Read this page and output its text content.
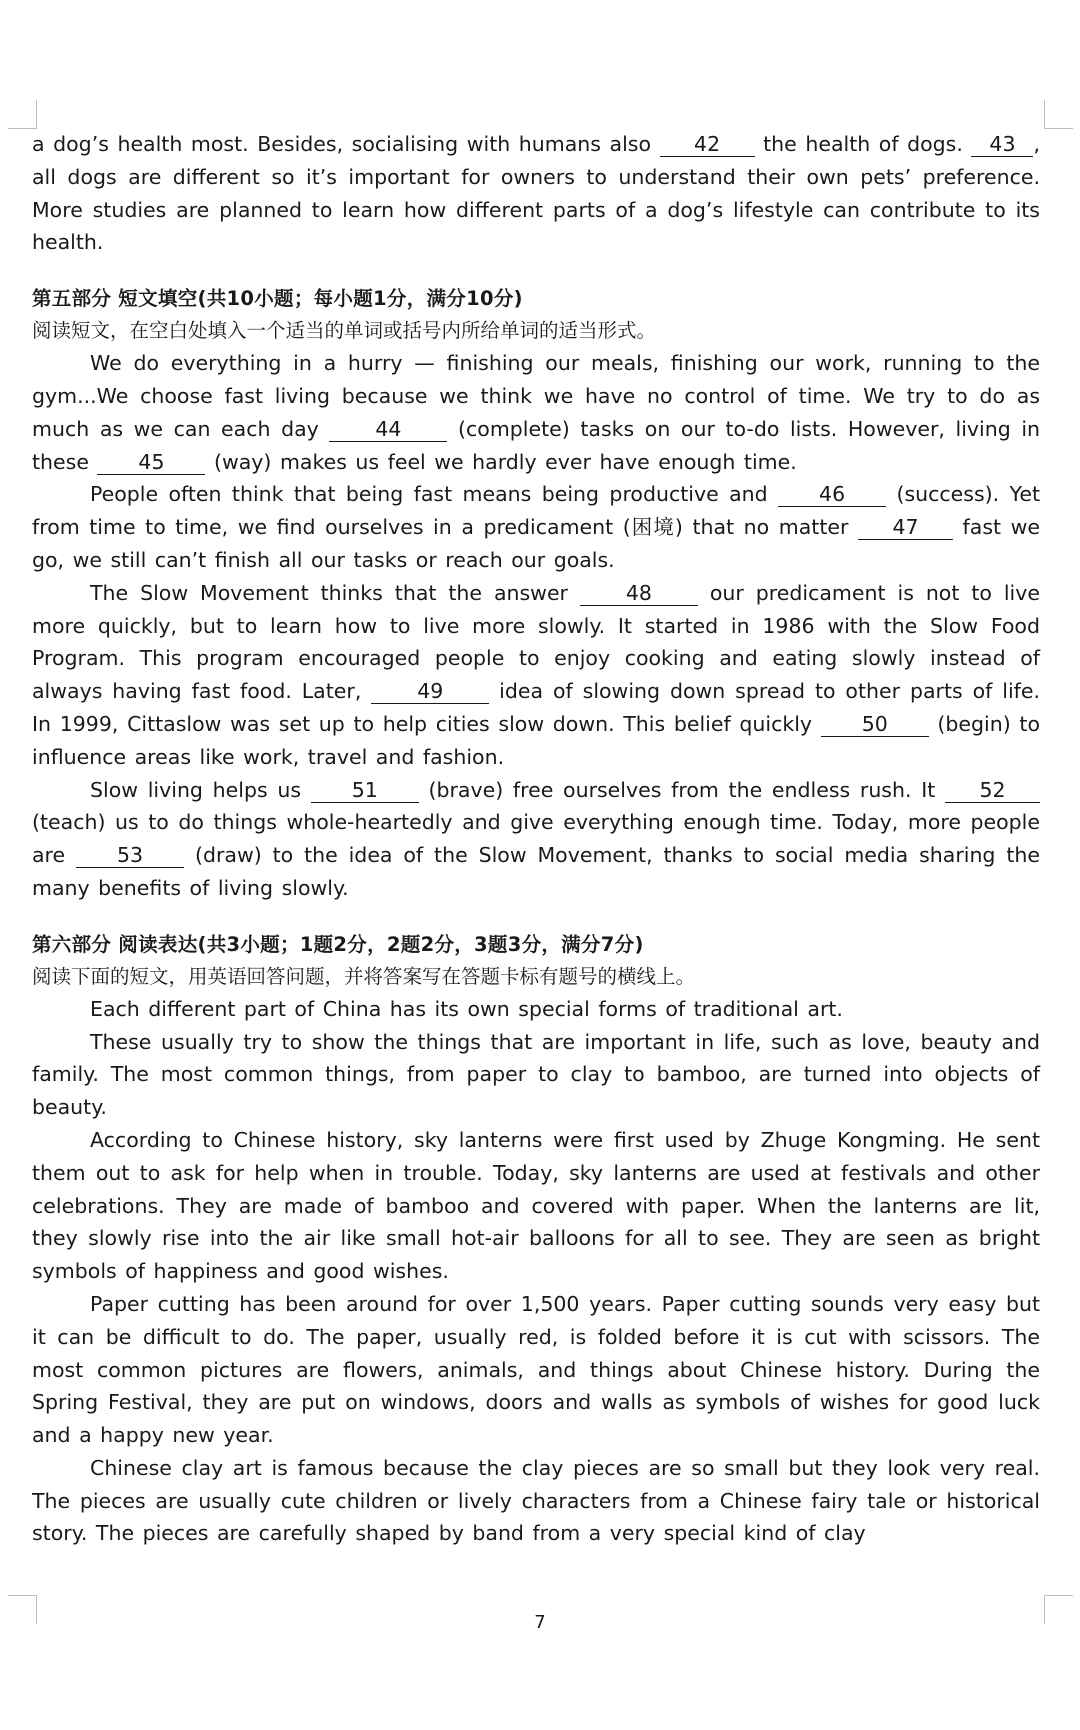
a dog’s health most. Besides, socialising with humans also 42 the health of dogs. 43 , all dogs are different so it’s important for owners to understand their own pets’ preference. More studies are planned to learn how different parts of a dog’s lifestyle can contribute to its health.

第五部分 短文填空(共10小题；每小题1分，满分10分)

阅读短文，在空白处填入一个适当的单词或括号内所给单词的适当形式。

We do everything in a hurry — finishing our meals, finishing our work, running to the gym...We choose fast living because we think we have no control of time. We try to do as much as we can each day 44 (complete) tasks on our to-do lists. However, living in these 45 (way) makes us feel we hardly ever have enough time.

People often think that being fast means being productive and 46 (success). Yet from time to time, we find ourselves in a predicament (困境) that no matter 47 fast we go, we still can’t finish all our tasks or reach our goals.

The Slow Movement thinks that the answer 48 our predicament is not to live more quickly, but to learn how to live more slowly. It started in 1986 with the Slow Food Program. This program encouraged people to enjoy cooking and eating slowly instead of always having fast food. Later, 49 idea of slowing down spread to other parts of life. In 1999, Cittaslow was set up to help cities slow down. This belief quickly 50 (begin) to influence areas like work, travel and fashion.

Slow living helps us 51 (brave) free ourselves from the endless rush. It 52 (teach) us to do things whole-heartedly and give everything enough time. Today, more people are 53 (draw) to the idea of the Slow Movement, thanks to social media sharing the many benefits of living slowly.

第六部分 阅读表达(共3小题；1题2分，2题2分，3题3分，满分7分)

阅读下面的短文，用英语回答问题，并将答案写在答题卡标有题号的横线上。

Each different part of China has its own special forms of traditional art.

These usually try to show the things that are important in life, such as love, beauty and family. The most common things, from paper to clay to bamboo, are turned into objects of beauty.

According to Chinese history, sky lanterns were first used by Zhuge Kongming. He sent them out to ask for help when in trouble. Today, sky lanterns are used at festivals and other celebrations. They are made of bamboo and covered with paper. When the lanterns are lit, they slowly rise into the air like small hot-air balloons for all to see. They are seen as bright symbols of happiness and good wishes.

Paper cutting has been around for over 1,500 years. Paper cutting sounds very easy but it can be difficult to do. The paper, usually red, is folded before it is cut with scissors. The most common pictures are flowers, animals, and things about Chinese history. During the Spring Festival, they are put on windows, doors and walls as symbols of wishes for good luck and a happy new year.

Chinese clay art is famous because the clay pieces are so small but they look very real. The pieces are usually cute children or lively characters from a Chinese fairy tale or historical story. The pieces are carefully shaped by band from a very special kind of clay

7
